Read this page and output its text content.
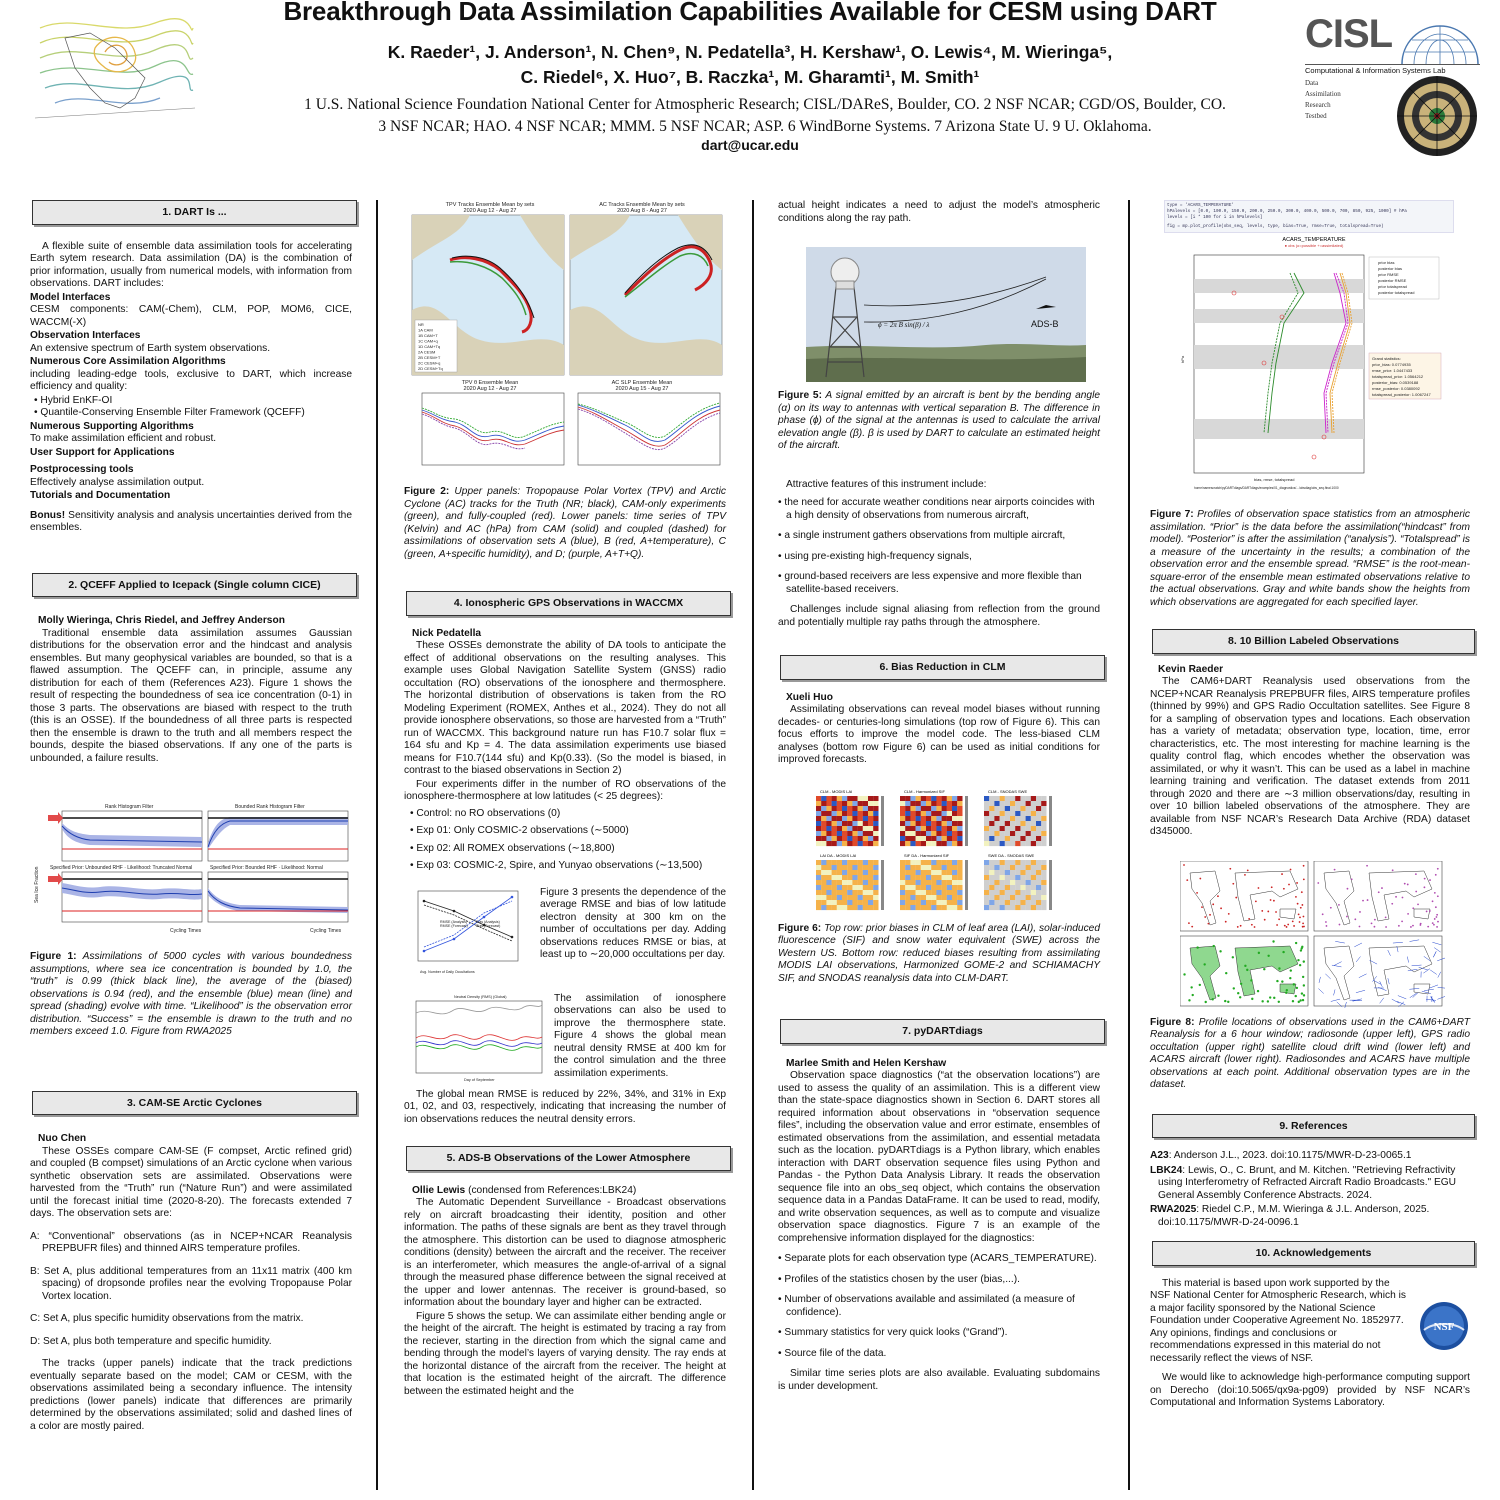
Breakthrough Data Assimilation Capabilities Available for CESM using DART
K. Raeder¹, J. Anderson¹, N. Chen⁹, N. Pedatella³, H. Kershaw¹, O. Lewis⁴, M. Wieringa⁵,
C. Riedel⁶, X. Huo⁷, B. Raczka¹, M. Gharamti¹, M. Smith¹
1 U.S. National Science Foundation National Center for Atmospheric Research; CISL/DAReS, Boulder, CO. 2 NSF NCAR; CGD/OS, Boulder, CO.
3 NSF NCAR; HAO. 4 NSF NCAR; MMM. 5 NSF NCAR; ASP. 6 WindBorne Systems. 7 Arizona State U. 9 U. Oklahoma.
dart@ucar.edu
CISL
Computational & Information Systems Lab
Data
Assimilation
Research
Testbed
1. DART Is ...

A flexible suite of ensemble data assimilation tools for accelerating Earth sytem research. Data assimilation (DA) is the combination of prior information, usually from numerical models, with information from observations. DART includes:

Model Interfaces

CESM components: CAM(-Chem), CLM, POP, MOM6, CICE, WACCM(-X)

Observation Interfaces

An extensive spectrum of Earth system observations.

Numerous Core Assimilation Algorithms

including leading-edge tools, exclusive to DART, which increase efficiency and quality:

• Hybrid EnKF-OI
• Quantile-Conserving Ensemble Filter Framework (QCEFF)
Numerous Supporting Algorithms

To make assimilation efficient and robust.

User Support for Applications
Postprocessing tools

Effectively analyse assimilation output.

Tutorials and Documentation

Bonus! Sensitivity analysis and analysis uncertainties derived from the ensembles.

2. QCEFF Applied to Icepack (Single column CICE)
Molly Wieringa, Chris Riedel, and Jeffrey Anderson

Traditional ensemble data assimilation assumes Gaussian distributions for the observation error and the hindcast and analysis ensembles. But many geophysical variables are bounded, so that is a flawed assumption. The QCEFF can, in principle, assume any distribution for each of them (References A23). Figure 1 shows the result of respecting the boundedness of sea ice concentration (0-1) in those 3 parts. The observations are biased with respect to the truth (this is an OSSE). If the boundedness of all three parts is respected then the ensemble is drawn to the truth and all members respect the bounds, despite the biased observations. If any one of the parts is unbounded, a failure results.

Rank Histogram Filter	Bounded Rank Histogram Filter
Specified Prior: Unbounded RHF · Likelihood: Truncated Normal	Specified Prior: Bounded RHF · Likelihood: Normal
Cycling Times	Cycling Times
Sea Ice Fraction

Figure 1: Assimilations of 5000 cycles with various boundedness assumptions, where sea ice concentration is bounded by 1.0, the “truth” is 0.99 (thick black line), the average of the (biased) observations is 0.94 (red), and the ensemble (blue) mean (line) and spread (shading) evolve with time. “Likelihood” is the observation error distribution. “Success” = the ensemble is drawn to the truth and no members exceed 1.0. Figure from RWA2025

3. CAM-SE Arctic Cyclones
Nuo Chen

These OSSEs compare CAM-SE (F compset, Arctic refined grid) and coupled (B compset) simulations of an Arctic cyclone when various synthetic observation sets are assimilated. Observations were harvested from the “Truth” run (“Nature Run”) and were assimilated until the forecast initial time (2020-8-20). The forecasts extended 7 days. The observation sets are:

A: “Conventional” observations (as in NCEP+NCAR Reanalysis PREPBUFR files) and thinned AIRS temperature profiles.

B: Set A, plus additional temperatures from an 11x11 matrix (400 km spacing) of dropsonde profiles near the evolving Tropopause Polar Vortex location.

C: Set A, plus specific humidity observations from the matrix.

D: Set A, plus both temperature and specific humidity.

The tracks (upper panels) indicate that the track predictions eventually separate based on the model; CAM or CESM, with the observations assimilated being a secondary influence. The intensity predictions (lower panels) indicate that differences are primarily determined by the observations assimilated; solid and dashed lines of a color are mostly paired.

TPV Tracks Ensemble Mean by sets
2020 Aug 12 - Aug 27
AC Tracks Ensemble Mean by sets
2020 Aug 8 - Aug 27
TPV θ Ensemble Mean
2020 Aug 12 - Aug 27
AC SLP Ensemble Mean
2020 Aug 15 - Aug 27
NR
1A CAM
1B CAM+T
1C CAM+q
1D CAM+Tq
2A CESM
2B CESM+T
2C CESM+q
2D CESM+Tq

Figure 2: Upper panels: Tropopause Polar Vortex (TPV) and Arctic Cyclone (AC) tracks for the Truth (NR; black), CAM-only experiments (green), and fully-coupled (red). Lower panels: time series of TPV (Kelvin) and AC (hPa) from CAM (solid) and coupled (dashed) for assimilations of observation sets A (blue), B (red, A+temperature), C (green, A+specific humidity), and D; (purple, A+T+Q).

4. Ionospheric GPS Observations in WACCMX
Nick Pedatella

These OSSEs demonstrate the ability of DA tools to anticipate the effect of additional observations on the resulting analyses. This example uses Global Navigation Satellite System (GNSS) radio occultation (RO) observations of the ionosphere and thermosphere. The horizontal distribution of observations is taken from the RO Modeling Experiment (ROMEX, Anthes et al., 2024). They do not all provide ionosphere observations, so those are harvested from a “Truth” run of WACCMX. This background nature run has F10.7 solar flux = 164 sfu and Kp = 4. The data assimilation experiments use biased means for F10.7(144 sfu) and Kp(0.33). (So the model is biased, in contrast to the biased observations in Section 2)

Four experiments differ in the number of RO observations of the ionosphere-thermosphere at low latitudes (< 25 degrees):

• Control: no RO observations (0)
• Exp 01: Only COSMIC-2 observations (∼5000)
• Exp 02: All ROMEX observations (∼18,800)
• Exp 03: COSMIC-2, Spire, and Yunyao observations (∼13,500)
RMSE (Analysis)
RMSE (Forecast)
Bias (Analysis)
Bias (Forecast)
Avg. Number of Daily Occultations

Figure 3 presents the dependence of the average RMSE and bias of low latitude electron density at 300 km on the number of occultations per day. Adding observations reduces RMSE or bias, at least up to ∼20,000 occultations per day.

Neutral Density (RMS) (Global)
Day of September

The assimilation of ionosphere observations can also be used to improve the thermosphere state. Figure 4 shows the global mean neutral density RMSE at 400 km for the control simulation and the three assimilation experiments.

The global mean RMSE is reduced by 22%, 34%, and 31% in Exp 01, 02, and 03, respectively, indicating that increasing the number of ion observations reduces the neutral density errors.

5. ADS-B Observations of the Lower Atmosphere

Ollie Lewis (condensed from References:LBK24)

The Automatic Dependent Surveillance - Broadcast observations rely on aircraft broadcasting their identity, position and other information. The paths of these signals are bent as they travel through the atmosphere. This distortion can be used to diagnose atmospheric conditions (density) between the aircraft and the receiver. The receiver is an interferometer, which measures the angle-of-arrival of a signal through the measured phase difference between the signal received at the upper and lower antennas. The receiver is ground-based, so information about the boundary layer and higher can be extracted.

Figure 5 shows the setup. We can assimilate either bending angle or the height of the aircraft. The height is estimated by tracing a ray from the reciever, starting in the direction from which the signal came and bending through the model’s layers of varying density. The ray ends at the horizontal distance of the aircraft from the receiver. The height at that location is the estimated height of the aircraft. The difference between the estimated height and the

actual height indicates a need to adjust the model’s atmospheric conditions along the ray path.

ϕ = 2π B sin(β) / λ	ADS-B

Figure 5: A signal emitted by an aircraft is bent by the bending angle (α) on its way to antennas with vertical separation B. The difference in phase (ϕ) of the signal at the antennas is used to calculate the arrival elevation angle (β). β is used by DART to calculate an estimated height of the aircraft.

Attractive features of this instrument include:

• the need for accurate weather conditions near airports coincides with a high density of observations from numerous aircraft,
• a single instrument gathers observations from multiple aircraft,
• using pre-existing high-frequency signals,
• ground-based receivers are less expensive and more flexible than satellite-based receivers.

Challenges include signal aliasing from reflection from the ground and potentially multiple ray paths through the atmosphere.

6. Bias Reduction in CLM
Xueli Huo

Assimilating observations can reveal model biases without running decades- or centuries-long simulations (top row of Figure 6). This can focus efforts to improve the model code. The less-biased CLM analyses (bottom row Figure 6) can be used as initial conditions for improved forecasts.

CLM - MODIS LAI	CLM - Harmonized SIF	CLM - SNODAS SWE
LAI DA - MODIS LAI	SIF DA - Harmonized SIF	SWE DA - SNODAS SWE

Figure 6: Top row: prior biases in CLM of leaf area (LAI), solar-induced fluorescence (SIF) and snow water equivalent (SWE) across the Western US. Bottom row: reduced biases resulting from assimilating MODIS LAI observations, Harmonized GOME-2 and SCHIAMACHY SIF, and SNODAS reanalysis data into CLM-DART.

7. pyDARTdiags
Marlee Smith and Helen Kershaw

Observation space diagnostics (“at the observation locations”) are used to assess the quality of an assimilation. This is a different view than the state-space diagnostics shown in Section 6. DART stores all required information about observations in “observation sequence files”, including the observation value and error estimate, ensembles of estimated observations from the assimilation, and essential metadata such as the location. pyDARTdiags is a Python library, which enables interaction with DART observation sequence files using Python and Pandas - the Python Data Analysis Library. It reads the observation sequence file into an obs_seq object, which contains the observation sequence data in a Pandas DataFrame. It can be used to read, modify, and write observation sequences, as well as to compute and visualize observation space diagnostics. Figure 7 is an example of the comprehensive information displayed for the diagnostics:

• Separate plots for each observation type (ACARS_TEMPERATURE).
• Profiles of the statistics chosen by the user (bias,...).
• Number of observations available and assimilated (a measure of confidence).
• Summary statistics for very quick looks (“Grand”).
• Source file of the data.

Similar time series plots are also available. Evaluating subdomains is under development.

type = 'ACARS_TEMPERATURE'
hPalevels = [0.0, 100.0, 150.0, 200.0, 250.0, 300.0, 400.0, 500.0, 700, 850, 925, 1000] # hPa
levels = [i * 100 for i in hPalevels]
fig = mp.plot_profile(obs_seq, levels, type, bias=True, rmse=True, totalspread=True)
ACARS_TEMPERATURE
● obs (o=possible +=assimilated)
prior bias
posterior bias
prior RMSE
posterior RMSE
prior totalspread
posterior totalspread
Grand statistics:
prior_bias: 0.0774935
rmse_prior: 1.0447433
totalspread_prior: 1.0564212
posterior_bias: 0.0539188
rmse_posterior: 0.0380092
totalspread_posterior: 1.0067247
bias, rmse, totalspread
hPa
home/namescratch/pyDARTdiags/DARTdiags/examples/01_diagnostics/.../obsdiag/obs_seq.final.1000

Figure 7: Profiles of observation space statistics from an atmospheric assimilation. “Prior” is the data before the assimilation(“hindcast” from model). “Posterior” is after the assimilation (“analysis”). “Totalspread” is a measure of the uncertainty in the results; a combination of the observation error and the ensemble spread. “RMSE” is the root-mean-square-error of the ensemble mean estimated observations relative to the actual observations. Gray and white bands show the heights from which observations are aggregated for each specified layer.

8. 10 Billion Labeled Observations
Kevin Raeder

The CAM6+DART Reanalysis used observations from the NCEP+NCAR Reanalysis PREPBUFR files, AIRS temperature profiles (thinned by 99%) and GPS Radio Occultation satellites. See Figure 8 for a sampling of observation types and locations. Each observation has a variety of metadata; observation type, location, time, error characteristics, etc. The most interesting for machine learning is the quality control flag, which encodes whether the observation was assimilated, or why it wasn’t. This can be used as a label in machine learning training and verification. The dataset extends from 2011 through 2020 and there are ∼3 million observations/day, resulting in over 10 billion labeled observations of the atmosphere. They are available from NSF NCAR’s Research Data Archive (RDA) dataset d345000.

Figure 8: Profile locations of observations used in the CAM6+DART Reanalysis for a 6 hour window; radiosonde (upper left), GPS radio occultation (upper right) satellite cloud drift wind (lower left) and ACARS aircraft (lower right). Radiosondes and ACARS have multiple observations at each point. Additional observation types are in the dataset.

9. References
A23: Anderson J.L., 2023. doi:10.1175/MWR-D-23-0065.1
LBK24: Lewis, O., C. Brunt, and M. Kitchen. "Retrieving Refractivity using Interferometry of Refracted Aircraft Radio Broadcasts." EGU General Assembly Conference Abstracts. 2024.
RWA2025: Riedel C.P., M.M. Wieringa & J.L. Anderson, 2025. doi:10.1175/MWR-D-24-0096.1
10. Acknowledgements

This material is based upon work supported by the NSF National Center for Atmospheric Research, which is a major facility sponsored by the National Science Foundation under Cooperative Agreement No. 1852977. Any opinions, findings and conclusions or recommendations expressed in this material do not necessarily reflect the views of NSF.

NSF

We would like to acknowledge high-performance computing support on Derecho (doi:10.5065/qx9a-pg09) provided by NSF NCAR’s Computational and Information Systems Laboratory.
